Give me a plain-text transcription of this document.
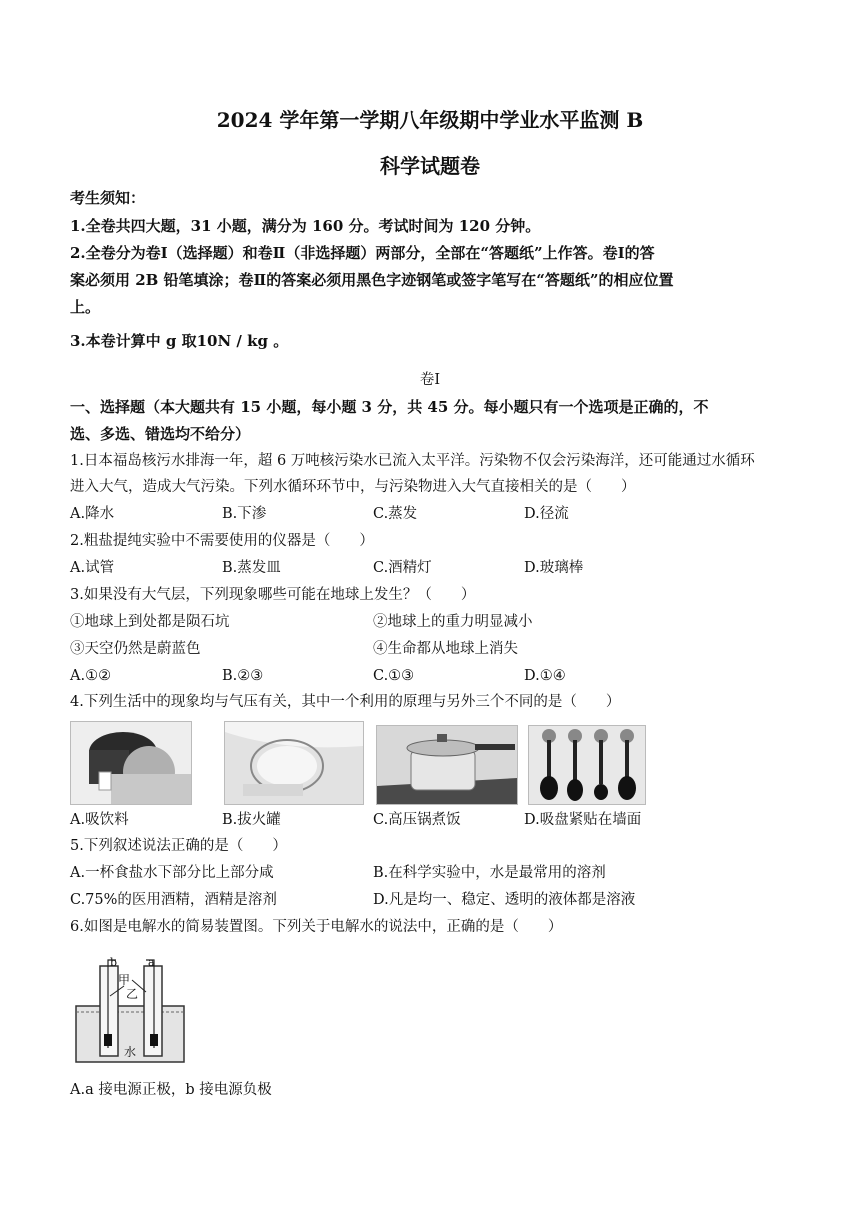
2024 学年第一学期八年级期中学业水平监测 B
科学试题卷
考生须知：
1.全卷共四大题，31 小题，满分为 160 分。考试时间为 120 分钟。
2.全卷分为卷Ⅰ（选择题）和卷Ⅱ（非选择题）两部分，全部在“答题纸”上作答。卷Ⅰ的答
案必须用 2B 铅笔填涂；卷Ⅱ的答案必须用黑色字迹钢笔或签字笔写在“答题纸”的相应位置
上。
3.本卷计算中 g 取10N / kg 。
卷Ⅰ
一、选择题（本大题共有 15 小题，每小题 3 分，共 45 分。每小题只有一个选项是正确的，不
选、多选、错选均不给分）
1.日本福岛核污水排海一年，超 6 万吨核污染水已流入太平洋。污染物不仅会污染海洋，还可能通过水循环
进入大气，造成大气污染。下列水循环环节中，与污染物进入大气直接相关的是（　　）
A.降水	B.下渗	C.蒸发	D.径流
2.粗盐提纯实验中不需要使用的仪器是（　　）
A.试管	B.蒸发皿	C.酒精灯	D.玻璃棒
3.如果没有大气层，下列现象哪些可能在地球上发生？（　　）
①地球上到处都是陨石坑	②地球上的重力明显减小
③天空仍然是蔚蓝色	④生命都从地球上消失
A.①②	B.②③	C.①③	D.①④
4.下列生活中的现象均与气压有关，其中一个利用的原理与另外三个不同的是（　　）
A.吸饮料	B.拔火罐	C.高压锅煮饭	D.吸盘紧贴在墙面
5.下列叙述说法正确的是（　　）
A.一杯食盐水下部分比上部分咸	B.在科学实验中，水是最常用的溶剂
C.75%的医用酒精，酒精是溶剂	D.凡是均一、稳定、透明的液体都是溶液
6.如图是电解水的简易装置图。下列关于电解水的说法中，正确的是（　　）
b	a
甲
乙
水
A.a 接电源正极，b 接电源负极
